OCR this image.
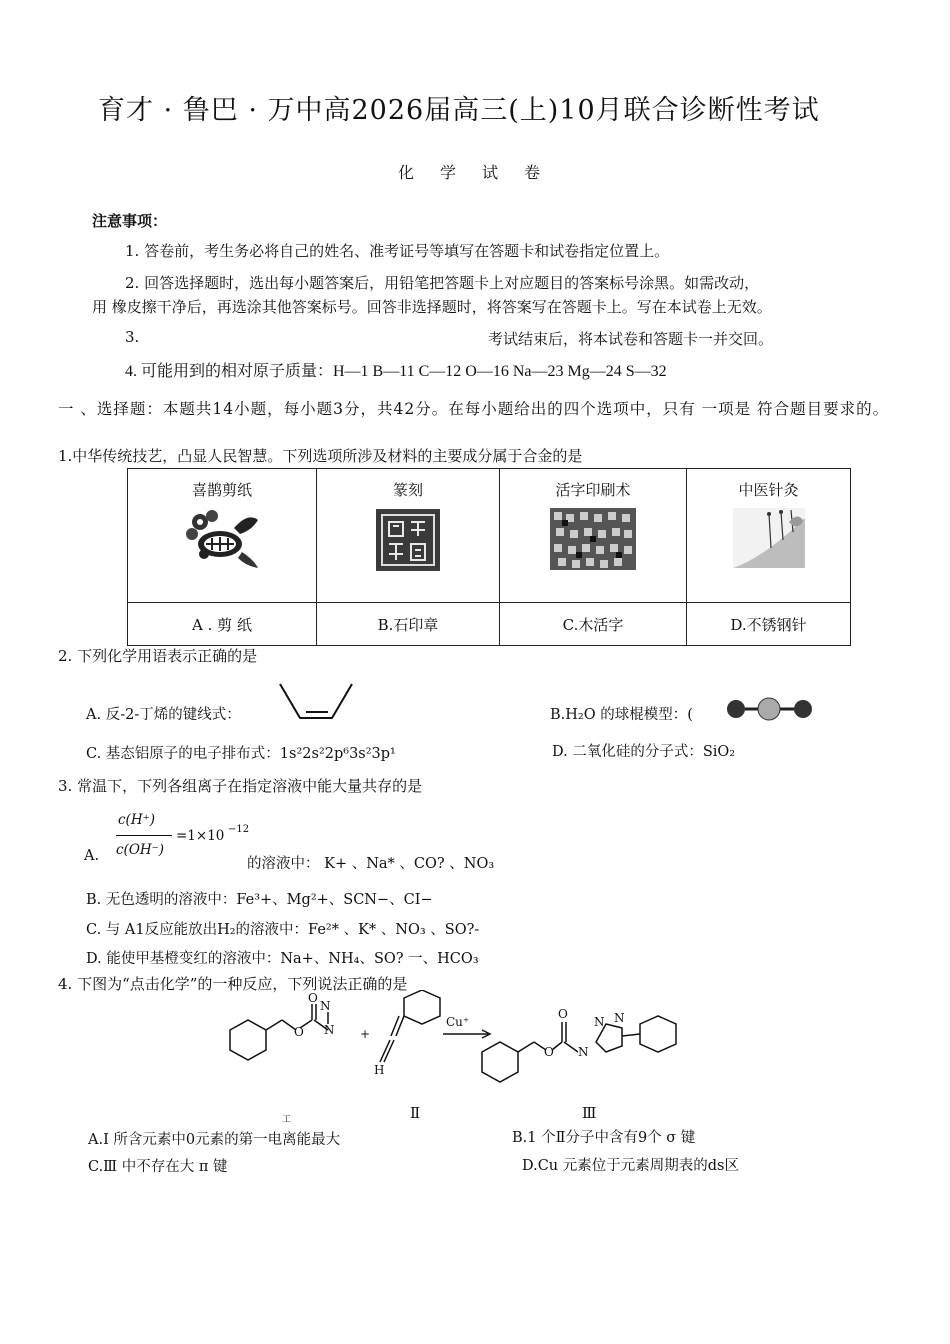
育才 · 鲁巴 · 万中高2026届高三(上)10月联合诊断性考试
化学试卷
注意事项：
1. 答卷前，考生务必将自己的姓名、准考证号等填写在答题卡和试卷指定位置上。
2. 回答选择题时，选出每小题答案后，用铅笔把答题卡上对应题目的答案标号涂黑。如需改动，
用 橡皮擦干净后，再选涂其他答案标号。回答非选择题时，将答案写在答题卡上。写在本试卷上无效。
3.	考试结束后，将本试卷和答题卡一并交回。
4. 可能用到的相对原子质量：H—1 B—11 C—12 O—16 Na—23 Mg—24 S—32
一 、选择题：本题共14小题，每小题3分，共42分。在每小题给出的四个选项中，只有 一项是 符合题目要求的。
1.中华传统技艺，凸显人民智慧。下列选项所涉及材料的主要成分属于合金的是
喜鹊剪纸	篆刻	活字印刷术	中医针灸

A . 剪 纸	B.石印章	C.木活字	D.不锈钢针
2. 下列化学用语表示正确的是
A. 反-2-丁烯的键线式：	B.H₂O 的球棍模型：(
C. 基态铝原子的电子排布式：1s²2s²2p⁶3s²3p¹	D. 二氧化硅的分子式：SiO₂
3. 常温下，下列各组离子在指定溶液中能大量共存的是
A.
c(H⁺)
c(OH⁻)
=1×10 −12
的溶液中： K+ 、Na* 、CO? 、NO₃
B. 无色透明的溶液中：Fe³+、Mg²+、SCN−、CI−
C. 与 A1反应能放出H₂的溶液中：Fe²* 、K* 、NO₃ 、SO?-
D. 能使甲基橙变红的溶液中：Na+、NH₄、SO? 一、HCO₃
4. 下图为“点击化学”的一种反应，下列说法正确的是
O
O
N
N +
Cu⁺
H
O
O N
N N
工	Ⅱ	Ⅲ
A.I 所含元素中0元素的第一电离能最大	B.1 个Ⅱ分子中含有9个 σ 键
C.Ⅲ 中不存在大 π 键	D.Cu 元素位于元素周期表的ds区
